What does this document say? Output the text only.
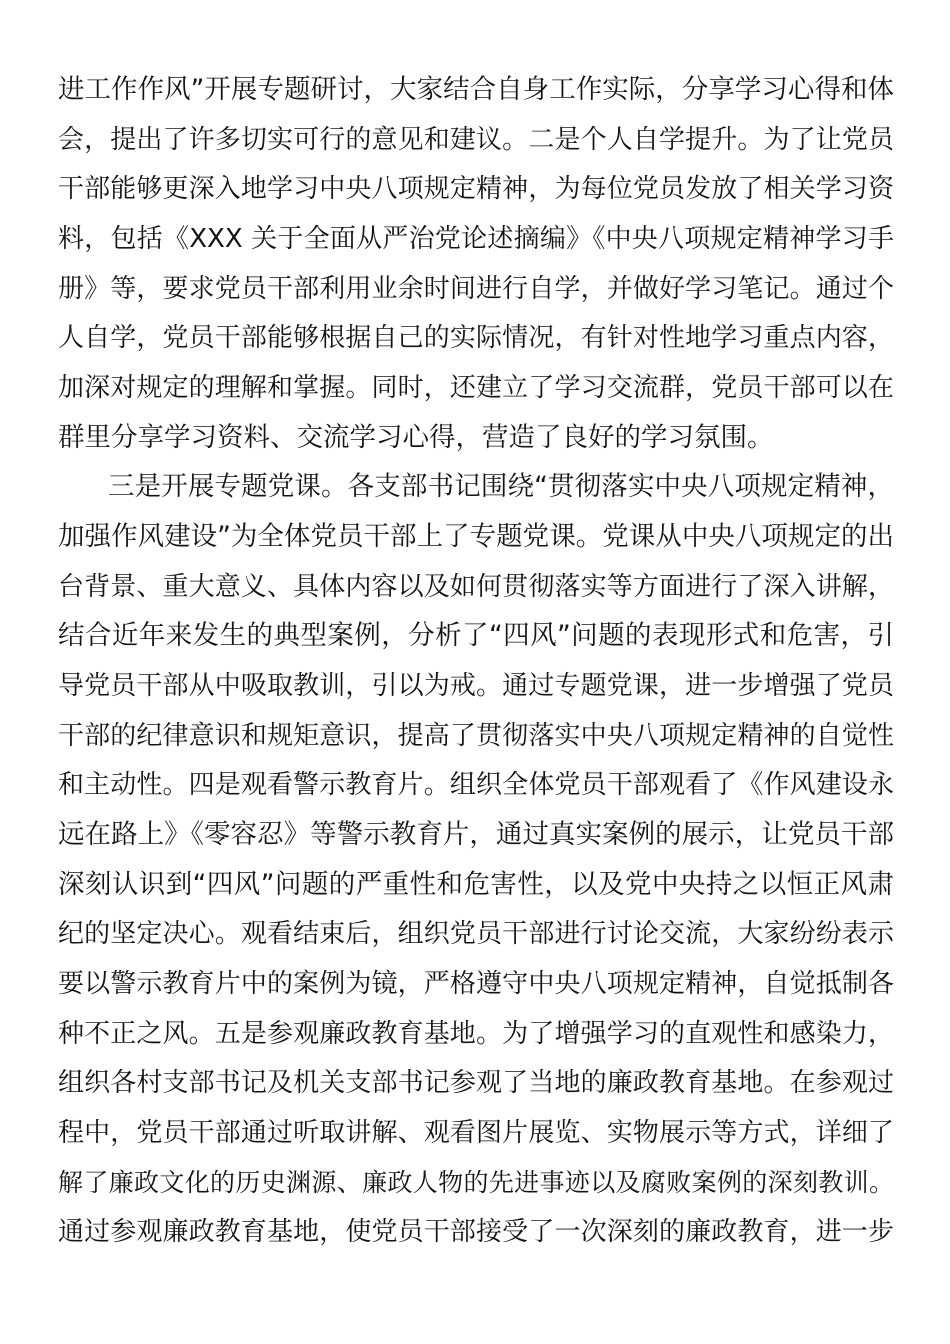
进工作作风”开展专题研讨，大家结合自身工作实际，分享学习心得和体
会，提出了许多切实可行的意见和建议。二是个人自学提升。为了让党员
干部能够更深入地学习中央八项规定精神，为每位党员发放了相关学习资
料，包括《XXX 关于全面从严治党论述摘编》《中央八项规定精神学习手
册》等，要求党员干部利用业余时间进行自学，并做好学习笔记。通过个
人自学，党员干部能够根据自己的实际情况，有针对性地学习重点内容，
加深对规定的理解和掌握。同时，还建立了学习交流群，党员干部可以在
群里分享学习资料、交流学习心得，营造了良好的学习氛围。
三是开展专题党课。各支部书记围绕“贯彻落实中央八项规定精神，
加强作风建设”为全体党员干部上了专题党课。党课从中央八项规定的出
台背景、重大意义、具体内容以及如何贯彻落实等方面进行了深入讲解，
结合近年来发生的典型案例，分析了“四风”问题的表现形式和危害，引
导党员干部从中吸取教训，引以为戒。通过专题党课，进一步增强了党员
干部的纪律意识和规矩意识，提高了贯彻落实中央八项规定精神的自觉性
和主动性。四是观看警示教育片。组织全体党员干部观看了《作风建设永
远在路上》《零容忍》等警示教育片，通过真实案例的展示，让党员干部
深刻认识到“四风”问题的严重性和危害性，以及党中央持之以恒正风肃
纪的坚定决心。观看结束后，组织党员干部进行讨论交流，大家纷纷表示
要以警示教育片中的案例为镜，严格遵守中央八项规定精神，自觉抵制各
种不正之风。五是参观廉政教育基地。为了增强学习的直观性和感染力，
组织各村支部书记及机关支部书记参观了当地的廉政教育基地。在参观过
程中，党员干部通过听取讲解、观看图片展览、实物展示等方式，详细了
解了廉政文化的历史渊源、廉政人物的先进事迹以及腐败案例的深刻教训。
通过参观廉政教育基地，使党员干部接受了一次深刻的廉政教育，进一步
